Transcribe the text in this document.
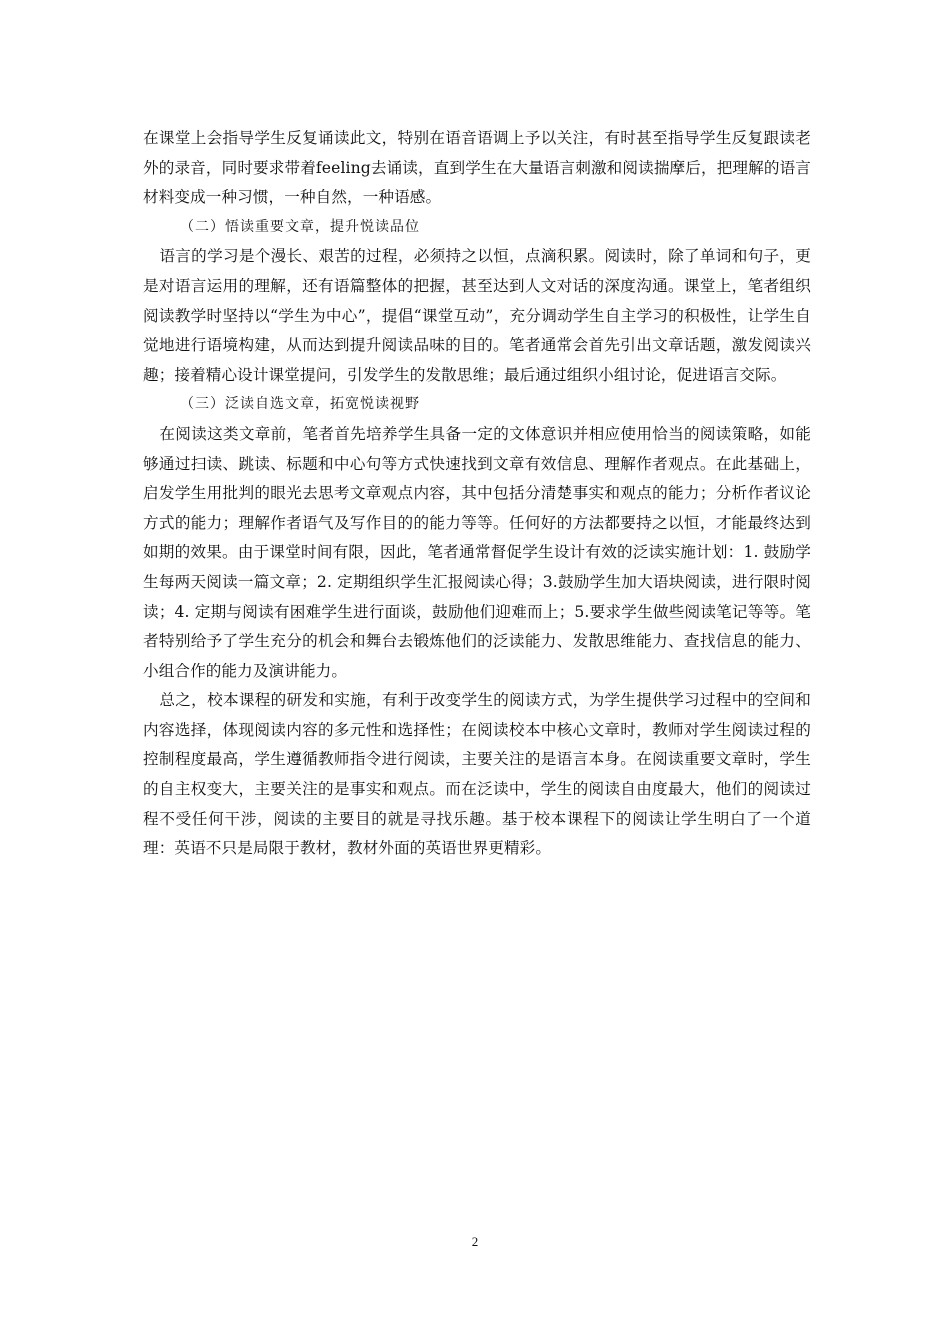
在课堂上会指导学生反复诵读此文，特别在语音语调上予以关注，有时甚至指导学生反复跟读老外的录音，同时要求带着feeling去诵读，直到学生在大量语言刺激和阅读揣摩后，把理解的语言材料变成一种习惯，一种自然，一种语感。

（二）悟读重要文章，提升悦读品位

语言的学习是个漫长、艰苦的过程，必须持之以恒，点滴积累。阅读时，除了单词和句子，更是对语言运用的理解，还有语篇整体的把握，甚至达到人文对话的深度沟通。课堂上，笔者组织阅读教学时坚持以“学生为中心”，提倡“课堂互动”，充分调动学生自主学习的积极性，让学生自觉地进行语境构建，从而达到提升阅读品味的目的。笔者通常会首先引出文章话题，激发阅读兴趣；接着精心设计课堂提问，引发学生的发散思维；最后通过组织小组讨论，促进语言交际。

（三）泛读自选文章，拓宽悦读视野

在阅读这类文章前，笔者首先培养学生具备一定的文体意识并相应使用恰当的阅读策略，如能够通过扫读、跳读、标题和中心句等方式快速找到文章有效信息、理解作者观点。在此基础上，启发学生用批判的眼光去思考文章观点内容，其中包括分清楚事实和观点的能力；分析作者议论方式的能力；理解作者语气及写作目的的能力等等。任何好的方法都要持之以恒，才能最终达到如期的效果。由于课堂时间有限，因此，笔者通常督促学生设计有效的泛读实施计划：1. 鼓励学生每两天阅读一篇文章；2. 定期组织学生汇报阅读心得；3.鼓励学生加大语块阅读，进行限时阅读；4. 定期与阅读有困难学生进行面谈，鼓励他们迎难而上；5.要求学生做些阅读笔记等等。笔者特别给予了学生充分的机会和舞台去锻炼他们的泛读能力、发散思维能力、查找信息的能力、小组合作的能力及演讲能力。

总之，校本课程的研发和实施，有利于改变学生的阅读方式，为学生提供学习过程中的空间和内容选择，体现阅读内容的多元性和选择性；在阅读校本中核心文章时，教师对学生阅读过程的控制程度最高，学生遵循教师指令进行阅读，主要关注的是语言本身。在阅读重要文章时，学生的自主权变大，主要关注的是事实和观点。而在泛读中，学生的阅读自由度最大，他们的阅读过程不受任何干涉，阅读的主要目的就是寻找乐趣。基于校本课程下的阅读让学生明白了一个道理：英语不只是局限于教材，教材外面的英语世界更精彩。

2
